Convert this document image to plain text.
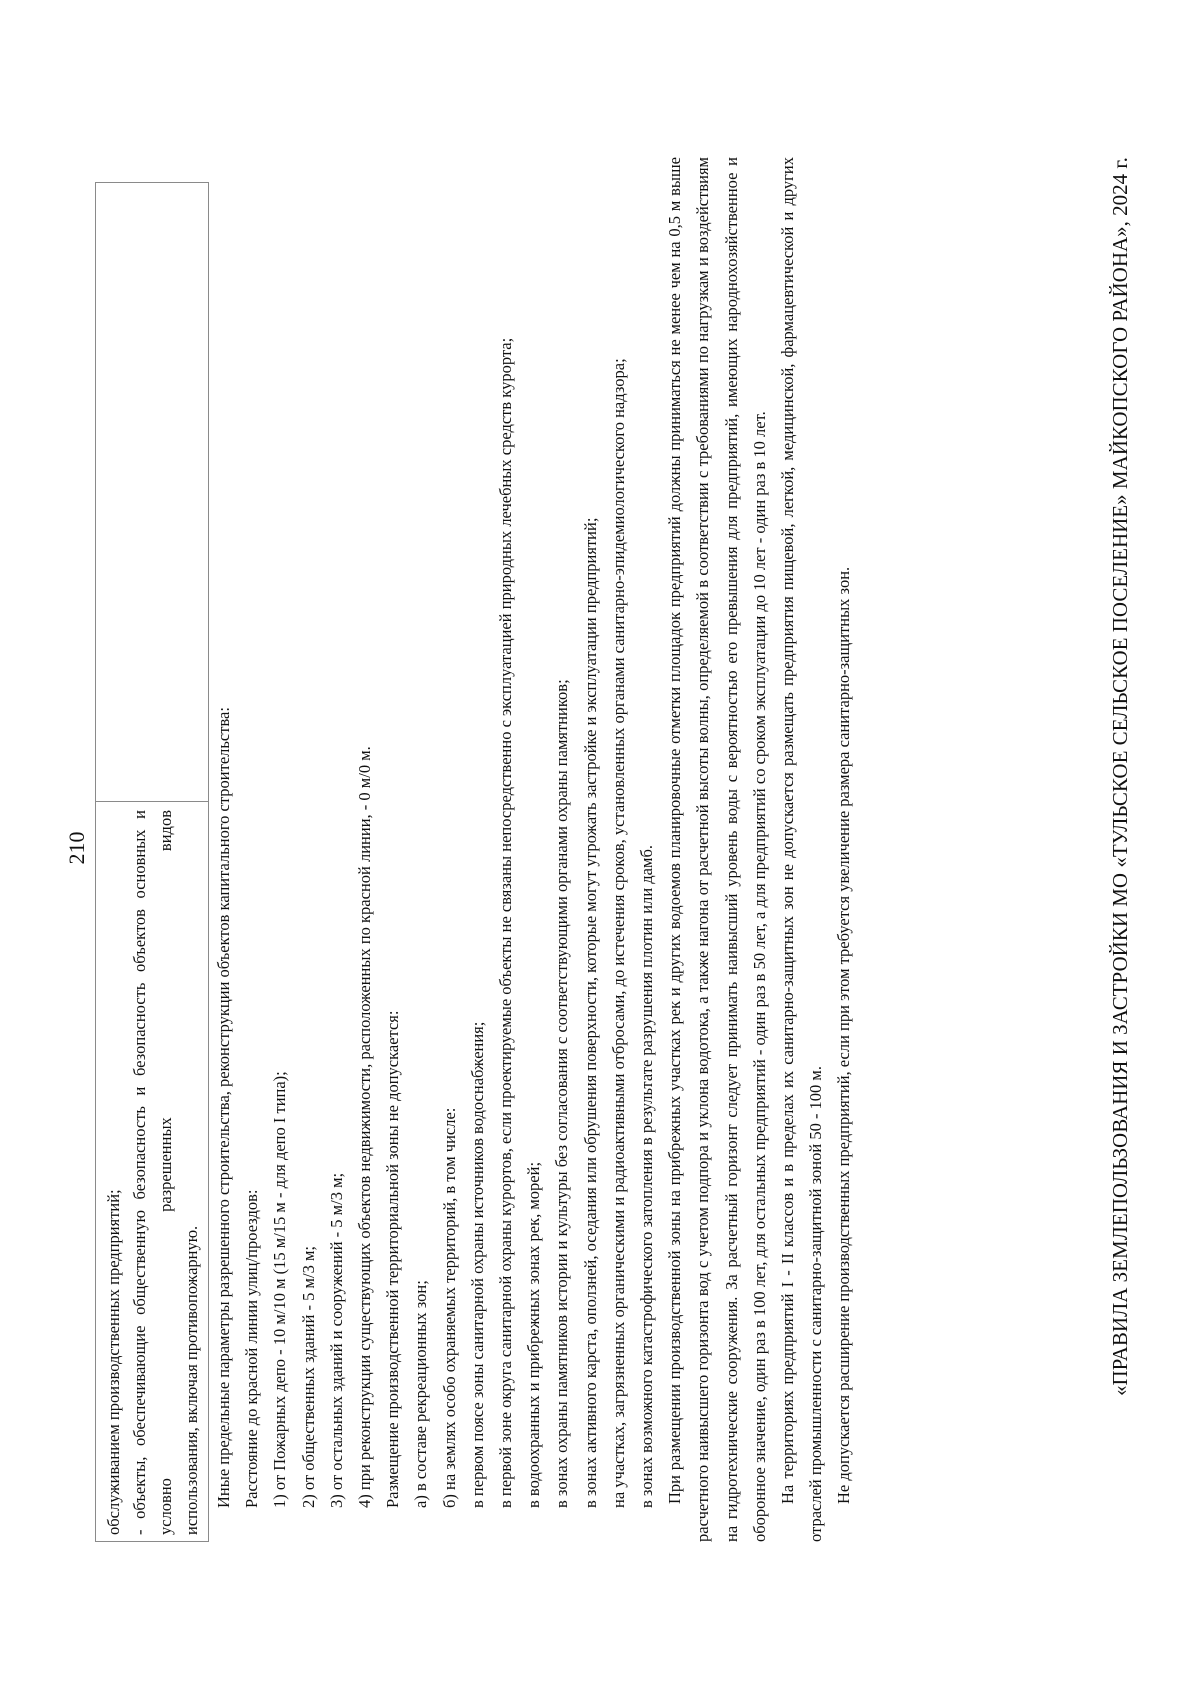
210
обслуживанием производственных предприятий; - объекты, обеспечивающие общественную безопасность и безопасность объектов основных и условно разрешенных видов использования, включая противопожарную. Иные предельные параметры разрешенного строительства, реконструкции объектов капитального строительства: Расстояние до красной линии улиц/проездов: 1) от Пожарных депо - 10 м/10 м (15 м/15 м - для депо I типа); 2) от общественных зданий - 5 м/3 м; 3) от остальных зданий и сооружений - 5 м/3 м; 4) при реконструкции существующих объектов недвижимости, расположенных по красной линии, - 0 м/0 м. Размещение производственной территориальной зоны не допускается: а) в составе рекреационных зон; б) на землях особо охраняемых территорий, в том числе: в первом поясе зоны санитарной охраны источников водоснабжения; в первой зоне округа санитарной охраны курортов, если проектируемые объекты не связаны непосредственно с эксплуатацией природных лечебных средств курорта; в водоохранных и прибрежных зонах рек, морей; в зонах охраны памятников истории и культуры без согласования с соответствующими органами охраны памятников; в зонах активного карста, оползней, оседания или обрушения поверхности, которые могут угрожать застройке и эксплуатации предприятий; на участках, загрязненных органическими и радиоактивными отбросами, до истечения сроков, установленных органами санитарно-эпидемиологического надзора; в зонах возможного катастрофического затопления в результате разрушения плотин или дамб. При размещении производственной зоны на прибрежных участках рек и других водоемов планировочные отметки площадок предприятий должны приниматься не менее чем на 0,5 м выше расчетного наивысшего горизонта вод с учетом подпора и уклона водотока, а также нагона от расчетной высоты волны, определяемой в соответствии с требованиями по нагрузкам и воздействиям на гидротехнические сооружения. За расчетный горизонт следует принимать наивысший уровень воды с вероятностью его превышения для предприятий, имеющих народнохозяйственное и оборонное значение, один раз в 100 лет, для остальных предприятий - один раз в 50 лет, а для предприятий со сроком эксплуатации до 10 лет - один раз в 10 лет. На территориях предприятий I - II классов и в пределах их санитарно-защитных зон не допускается размещать предприятия пищевой, легкой, медицинской, фармацевтической и других отраслей промышленности с санитарно-защитной зоной 50 - 100 м. Не допускается расширение производственных предприятий, если при этом требуется увеличение размера санитарно-защитных зон.	«ПРАВИЛА ЗЕМЛЕПОЛЬЗОВАНИЯ И ЗАСТРОЙКИ МО «ТУЛЬСКОЕ СЕЛЬСКОЕ ПОСЕЛЕНИЕ» МАЙКОПСКОГО РАЙОНА», 2024 г.
